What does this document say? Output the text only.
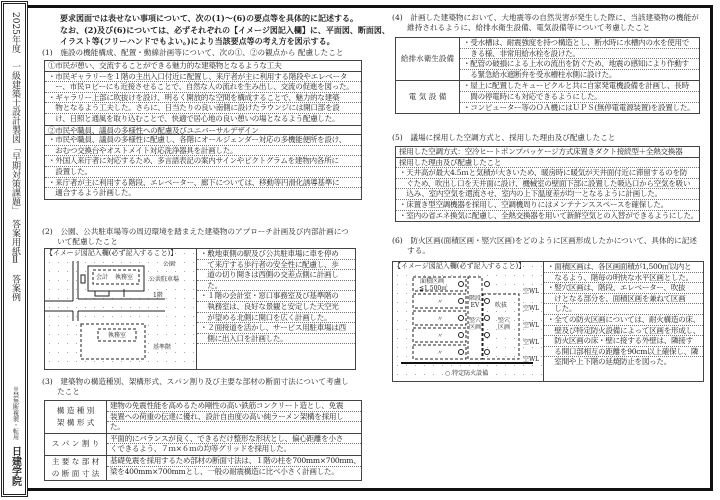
2025年度　一級建築士設計製図「早期対策課題」　答案用紙Ⅱ　答案例
※禁無断複製・転用
日建学院
要求図面では表せない事項について、次の(1)～(6)の要点等を具体的に記述する。
なお、(2)及び(6)については、必ずそれぞれの【イメージ図記入欄】に、平面図、断面図、
イラスト等(フリーハンドでもよい。)により当該要点等の考え方を図示する。
(1)　施設の機能構成、配置・動線計画等について、次の①、②の観点から 配慮したこと
①市民が憩い、交流することができる魅力的な建築物となるような工夫
・市民ギャラリーを１階の主出入口付近に配置し、来庁者が主に利用する階段やエレベータ
　ー、市民ロビーにも近接させることで、自然な人の流れを生み出し、交流の促進を図った。
・ギャラリー上部に吹抜けを設け、明るく開放的な空間を構成することで、魅力的な建築
　物となるよう工夫した。さらに、日当たりの良い南側に設けたラウンジには開口部を設
　け、日照と通風を取り込むことで、快適で居心地の良い憩いの場となるよう配慮した。
②市民や職員、議員の多様性への配慮及びユニバーサルデザイン
・市民や職員、議員の多様性に配慮し、各階にオールジェンダー対応の多機能便所を設け、
　おむつ交換台やオストメイト対応洗浄器具を計画した。
・外国人来庁者に対応するため、多言語表記の案内サインやピクトグラムを建物内各所に
　設置した。
・来庁者が主に利用する階段、エレベーター、廊下については、移動等円滑化誘導基準に
　適合するよう計画した。
(2)　公園、公共駐車場等の周辺環境を踏まえた建築物のアプローチ計画及び内部計画につ
　　いて配慮したこと
【イメージ図記入欄(必ず記入すること)】
公園
会計 執務室	公共駐車場
1階
執務室
基準階
・敷地東側の駅及び公共駐車場に車を停め
　て来庁する歩行者の安全性に配慮し、歩
　道の切り開きは西側の交差点側に計画し
　た。
・１階の会計室・窓口事務室及び基準階の
　執務室は、良好な景観と安定した天空光
　が望める北側に開口を広く計画した。
・２面接道を活かし、サービス用駐車場は西
　側に出入口を計画した。
(3)　建築物の構造種別、架構形式、スパン割り及び主要な部材の断面寸法について考慮し
　　たこと
構 造 種 別
架 構 形 式
建物の免震性能を高めるため剛性の高い鉄筋コンクリート造とし、免震
装置への荷重の伝達に優れ、設計自由度の高い純ラーメン架構を採用し
た。
ス パ ン 割 り
平面的にバランスが良く、できるだけ整形な形状とし、偏心距離を小さ
くできるよう、７ｍ×６ｍの均等グリッドを採用した。
主 要 な 部 材
の 断 面 寸 法
基礎免震を採用するため部材の断面寸法は、１階の柱を700mm×700mm、
梁を400mm×700mmとし、一般の耐震構造に比べ小さく計画した。
(4)　計画した建築物において、大地震等の自然災害が発生した際に、当該建築物の機能が
　　維持されるように、給排水衛生設備、電気設備等について考慮したこと
給排水衛生設備
・受水槽は、耐震強度を持つ構造とし、断水時に水槽内の水を使用で
　きる様、非常用給水栓を設けた。
・配管の破損による上水の流出を防ぐため、地震の感知により作動す
　る緊急給水遮断弁を受水槽柱水側に設けた。
電 気 設 備
・屋上に配置したキュービクルと共に自家発電機設備を計画し、長時
　間の停電時にも対応できるようにした。
・コンピューター等のＯＡ機にはＵＰＳ(無停電電源装置)を設置した。
(5)　議場に採用した空調方式と、採用した理由及び配慮したこと
採用した空調方式：空冷ヒートポンプパッケージ方式床置きダクト接続型＋全熱交換器
採用した理由及び配慮したこと
・天井高が最大4.5ｍと気積が大きいため、暖房時に暖気が天井面付近に滞留するのを防
　ぐため、吹出し口を天井面に設け、機械室の壁面下部に設置した吸込口から空気を吸い
　込み、室内空気を還流させ、室内の上下温度差が均一となるように計画した。
・床置き型空調機器を採用し、空調機周りにはメンテナンススペースを確保した。
・室内の省エネ換気に配慮し、全熱交換器を用いて新鮮空気との入替ができるようにした。
(6)　防火区画(面積区画・竪穴区画)をどのように区画形成したかについて、具体的に記述
　　する。
【イメージ図記入欄(必ず記入すること)】
空WL
空WL
〃
空WL
〃
空WL
〃
空WL
〃
面積区画
≦1,500㎡
階段
EV
竪穴
区画
吹抜
竪穴
区画
○ 特定防火設備
・面積区画は、各区画面積が1,500㎡以内と
　なるよう、階毎の明快な水平区画とした。
・竪穴区画は、階段、エレベーター、吹抜
　けとなる部分を、面積区画を兼ねて区画
　した。
・全ての防火区画については、耐火構造の床、
　壁及び特定防火設備によって区画を形成し、
　防火区画の床・壁に接する外壁は、隣接す
　る開口部相互の距離を90cm以上確保し、隣
　室間や上下階の延焼防止を図った。
